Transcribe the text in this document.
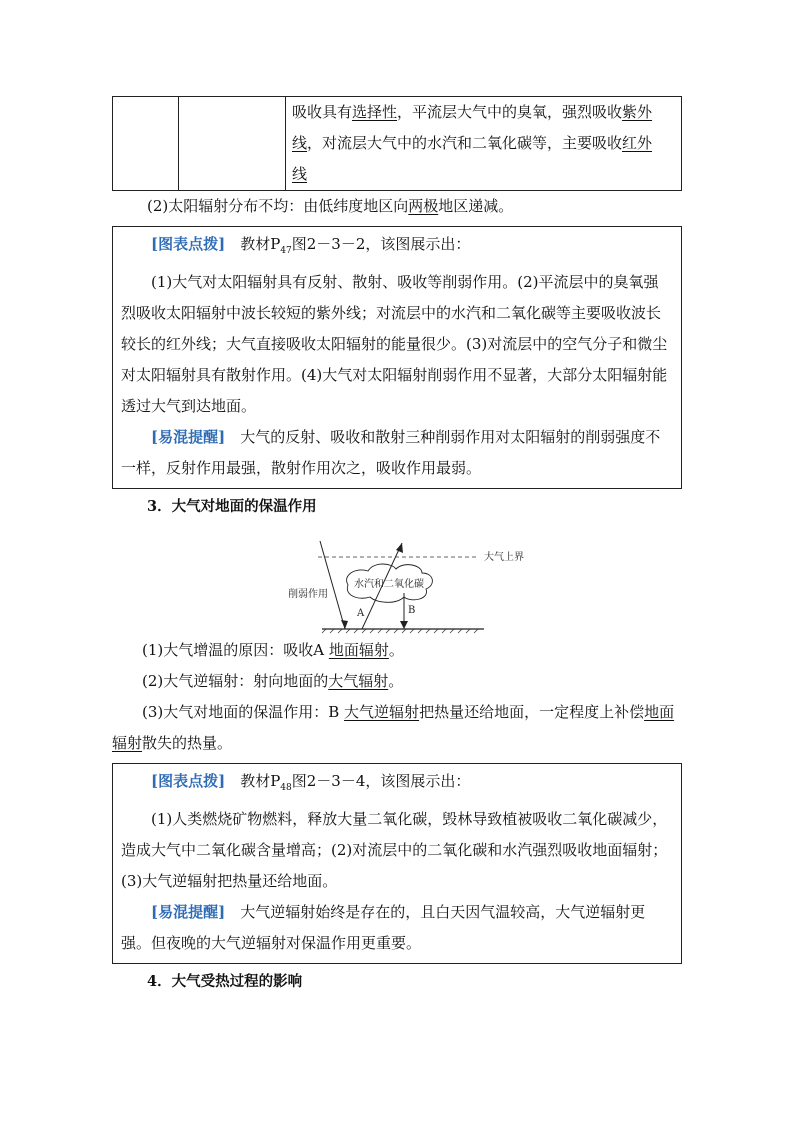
		吸收具有选择性，平流层大气中的臭氧，强烈吸收紫外
线，对流层大气中的水汽和二氧化碳等，主要吸收红外
线

(2)太阳辐射分布不均：由低纬度地区向两极地区递减。

[图表点拨]　教材$P_{47}$图2－3－2，该图展示出：

(1)大气对太阳辐射具有反射、散射、吸收等削弱作用。(2)平流层中的臭氧强烈吸收太阳辐射中波长较短的紫外线；对流层中的水汽和二氧化碳等主要吸收波长较长的红外线；大气直接吸收太阳辐射的能量很少。(3)对流层中的空气分子和微尘对太阳辐射具有散射作用。(4)大气对太阳辐射削弱作用不显著，大部分太阳辐射能透过大气到达地面。

[易混提醒]　大气的反射、吸收和散射三种削弱作用对太阳辐射的削弱强度不一样，反射作用最强，散射作用次之，吸收作用最弱。

3．大气对地面的保温作用

大气上界
水汽和二氧化碳
A	B
削弱作用

(1)大气增温的原因：吸收A 地面辐射。

(2)大气逆辐射：射向地面的大气辐射。

(3)大气对地面的保温作用：B 大气逆辐射把热量还给地面，一定程度上补偿地面辐射散失的热量。

[图表点拨]　教材$P_{48}$图2－3－4，该图展示出：

(1)人类燃烧矿物燃料，释放大量二氧化碳，毁林导致植被吸收二氧化碳减少，造成大气中二氧化碳含量增高；(2)对流层中的二氧化碳和水汽强烈吸收地面辐射；(3)大气逆辐射把热量还给地面。

[易混提醒]　大气逆辐射始终是存在的，且白天因气温较高，大气逆辐射更强。但夜晚的大气逆辐射对保温作用更重要。

4．大气受热过程的影响
